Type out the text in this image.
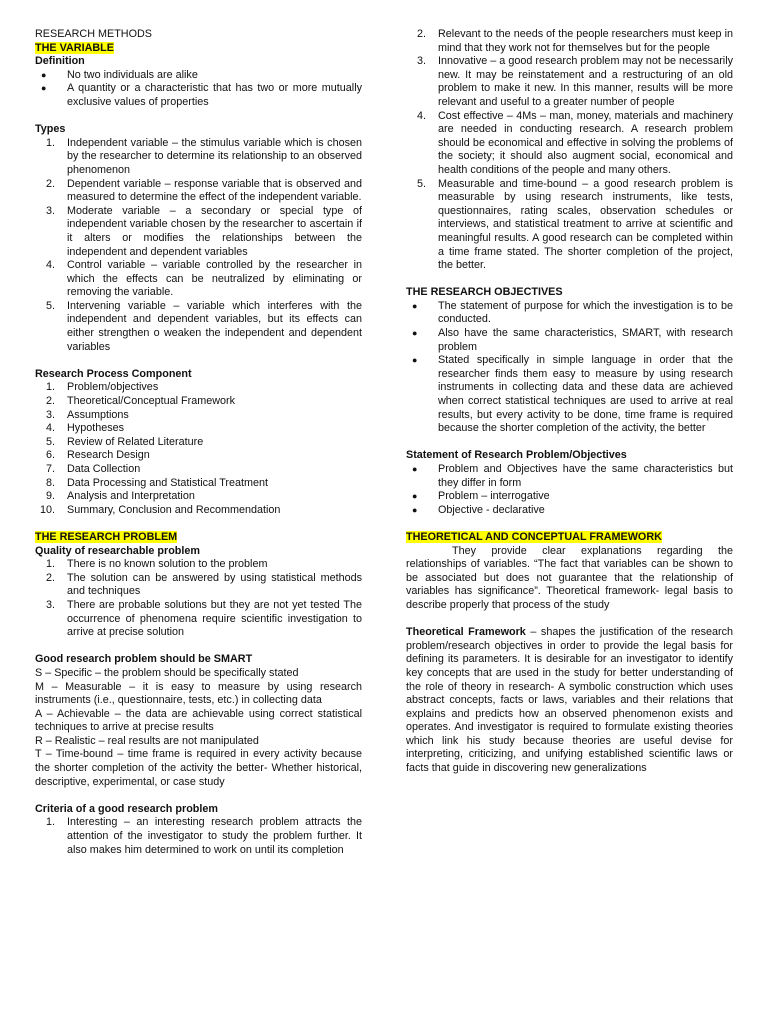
RESEARCH METHODS
THE VARIABLE
Definition
●	No two individuals are alike
●	A quantity or a characteristic that has two or more mutually exclusive values of properties
Types
1. Independent variable – the stimulus variable which is chosen by the researcher to determine its relationship to an observed phenomenon
2. Dependent variable – response variable that is observed and measured to determine the effect of the independent variable.
3. Moderate variable – a secondary or special type of independent variable chosen by the researcher to ascertain if it alters or modifies the relationships between the independent and dependent variables
4. Control variable – variable controlled by the researcher in which the effects can be neutralized by eliminating or removing the variable.
5. Intervening variable – variable which interferes with the independent and dependent variables, but its effects can either strengthen o weaken the independent and dependent variables
Research Process Component
1. Problem/objectives
2. Theoretical/Conceptual Framework
3. Assumptions
4. Hypotheses
5. Review of Related Literature
6. Research Design
7. Data Collection
8. Data Processing and Statistical Treatment
9. Analysis and Interpretation
10. Summary, Conclusion and Recommendation
THE RESEARCH PROBLEM
Quality of researchable problem
1. There is no known solution to the problem
2. The solution can be answered by using statistical methods and techniques
3. There are probable solutions but they are not yet tested The occurrence of phenomena require scientific investigation to arrive at precise solution
Good research problem should be SMART

S – Specific – the problem should be specifically stated

M – Measurable – it is easy to measure by using research instruments (i.e., questionnaire, tests, etc.) in collecting data

A – Achievable – the data are achievable using correct statistical techniques to arrive at precise results

R – Realistic – real results are not manipulated

T – Time-bound – time frame is required in every activity because the shorter completion of the activity the better- Whether historical, descriptive, experimental, or case study

Criteria of a good research problem
1. Interesting – an interesting research problem attracts the attention of the investigator to study the problem further. It also makes him determined to work on until its completion
2. Relevant to the needs of the people researchers must keep in mind that they work not for themselves but for the people
3. Innovative – a good research problem may not be necessarily new. It may be reinstatement and a restructuring of an old problem to make it new. In this manner, results will be more relevant and useful to a greater number of people
4. Cost effective – 4Ms – man, money, materials and machinery are needed in conducting research. A research problem should be economical and effective in solving the problems of the society; it should also augment social, economical and health conditions of the people and many others.
5. Measurable and time-bound – a good research problem is measurable by using research instruments, like tests, questionnaires, rating scales, observation schedules or interviews, and statistical treatment to arrive at scientific and meaningful results. A good research can be completed within a time frame stated. The shorter completion of the project, the better.
THE RESEARCH OBJECTIVES
●	The statement of purpose for which the investigation is to be conducted.
●	Also have the same characteristics, SMART, with research problem
●	Stated specifically in simple language in order that the researcher finds them easy to measure by using research instruments in collecting data and these data are achieved when correct statistical techniques are used to arrive at real results, but every activity to be done, time frame is required because the shorter completion of the activity, the better
Statement of Research Problem/Objectives
●	Problem and Objectives have the same characteristics but they differ in form
●	Problem – interrogative
●	Objective - declarative
THEORETICAL AND CONCEPTUAL FRAMEWORK

They provide clear explanations regarding the relationships of variables. “The fact that variables can be shown to be associated but does not guarantee that the relationship of variables has significance”. Theoretical framework- legal basis to describe properly that process of the study

Theoretical Framework – shapes the justification of the research problem/research objectives in order to provide the legal basis for defining its parameters. It is desirable for an investigator to identify key concepts that are used in the study for better understanding of the role of theory in research- A symbolic construction which uses abstract concepts, facts or laws, variables and their relations that explains and predicts how an observed phenomenon exists and operates. And investigator is required to formulate existing theories which link his study because theories are useful devise for interpreting, criticizing, and unifying established scientific laws or facts that guide in discovering new generalizations
